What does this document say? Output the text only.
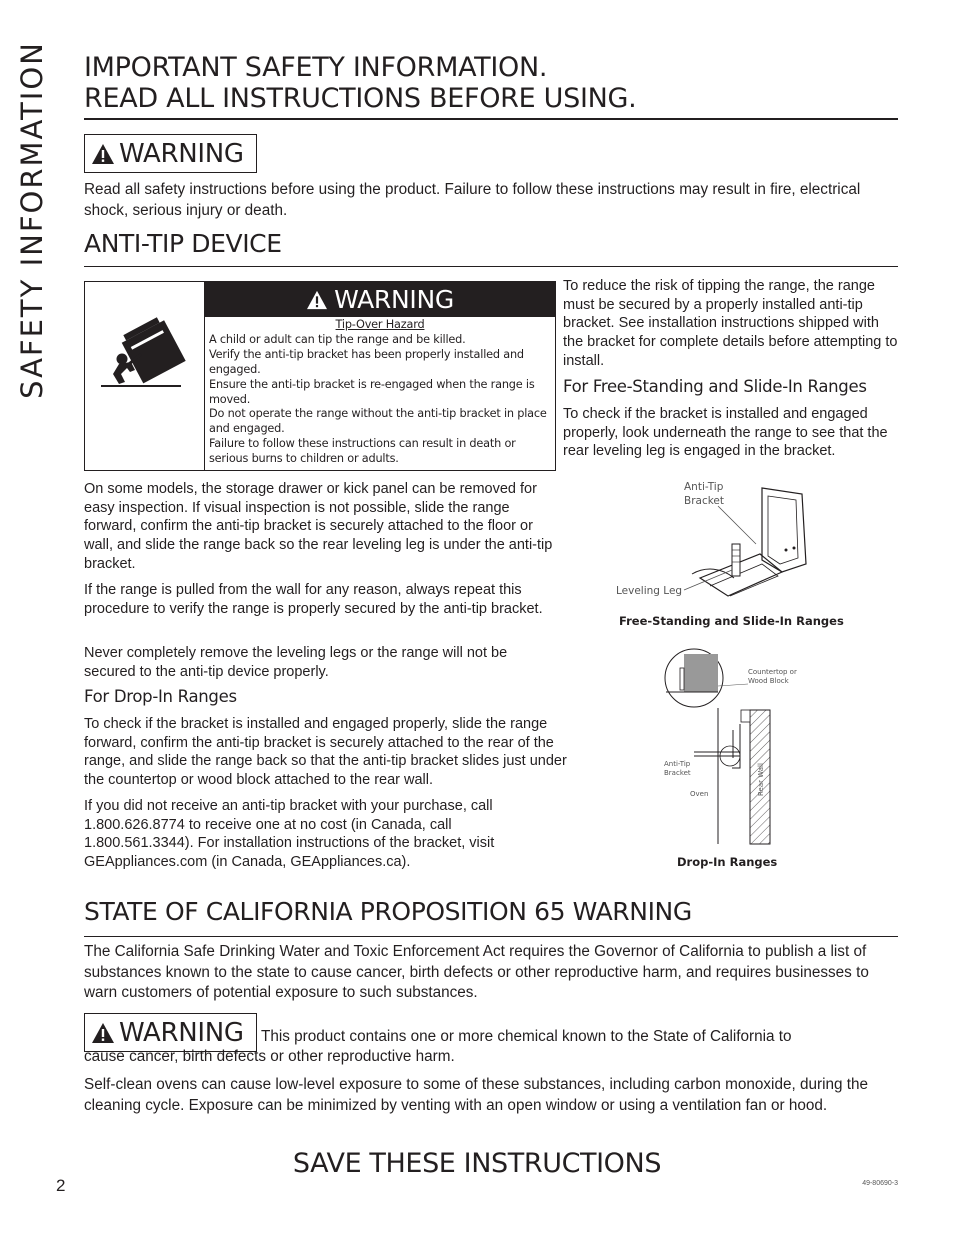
SAFETY INFORMATION IMPORTANT SAFETY INFORMATION.
READ ALL INSTRUCTIONS BEFORE USING.
WARNING
Read all safety instructions before using the product. Failure to follow these instructions may result in fire, electrical shock, serious injury or death.
ANTI-TIP DEVICE
WARNING
Tip-Over Hazard
A child or adult can tip the range and be killed.
Verify the anti-tip bracket has been properly installed and engaged.
Ensure the anti-tip bracket is re-engaged when the range is moved.
Do not operate the range without the anti-tip bracket in place and engaged.
Failure to follow these instructions can result in death or serious burns to children or adults.
To reduce the risk of tipping the range, the range must be secured by a properly installed anti-tip bracket. See installation instructions shipped with the bracket for complete details before attempting to install.
For Free-Standing and Slide-In Ranges
To check if the bracket is installed and engaged properly, look underneath the range to see that the rear leveling leg is engaged in the bracket.
Anti-Tip
Bracket
Leveling Leg
Free-Standing and Slide-In Ranges
Countertop or
Wood Block
Anti-Tip
Bracket
Oven	Rear Wall
Drop-In Ranges
On some models, the storage drawer or kick panel can be removed for easy inspection. If visual inspection is not possible, slide the range forward, confirm the anti-tip bracket is securely attached to the floor or wall, and slide the range back so the rear leveling leg is under the anti-tip bracket.
If the range is pulled from the wall for any reason, always repeat this procedure to verify the range is properly secured by the anti-tip bracket.
Never completely remove the leveling legs or the range will not be secured to the anti-tip device properly.
For Drop-In Ranges
To check if the bracket is installed and engaged properly, slide the range forward, confirm the anti-tip bracket is securely attached to the rear of the range, and slide the range back so that the anti-tip bracket slides just under the countertop or wood block attached to the rear wall.
If you did not receive an anti-tip bracket with your purchase, call 1.800.626.8774 to receive one at no cost (in Canada, call 1.800.561.3344). For installation instructions of the bracket, visit GEAppliances.com (in Canada, GEAppliances.ca).
STATE OF CALIFORNIA PROPOSITION 65 WARNING
The California Safe Drinking Water and Toxic Enforcement Act requires the Governor of California to publish a list of substances known to the state to cause cancer, birth defects or other reproductive harm, and requires businesses to warn customers of potential exposure to such substances.
WARNING This product contains one or more chemical known to the State of California to
cause cancer, birth defects or other reproductive harm.
Self-clean ovens can cause low-level exposure to some of these substances, including carbon monoxide, during the cleaning cycle. Exposure can be minimized by venting with an open window or using a ventilation fan or hood.
SAVE THESE INSTRUCTIONS
2	49-80690-3
